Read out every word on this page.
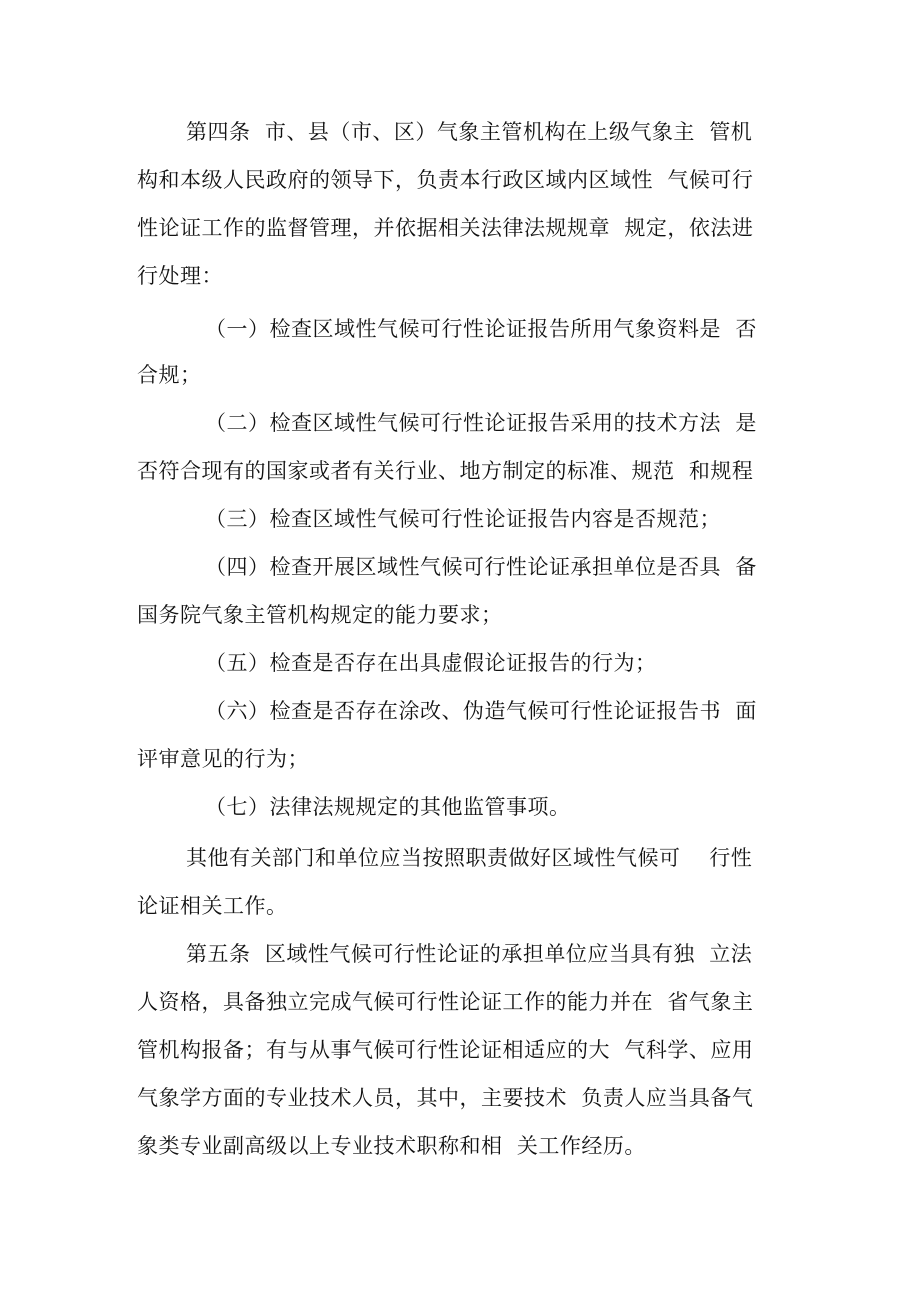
第四条  市、县（市、区）气象主管机构在上级气象主  管机
构和本级人民政府的领导下，负责本行政区域内区域性  气候可行
性论证工作的监督管理，并依据相关法律法规规章  规定，依法进
行处理：
（一）检查区域性气候可行性论证报告所用气象资料是  否
合规；
（二）检查区域性气候可行性论证报告采用的技术方法  是
否符合现有的国家或者有关行业、地方制定的标准、规范  和规程
（三）检查区域性气候可行性论证报告内容是否规范；
（四）检查开展区域性气候可行性论证承担单位是否具  备
国务院气象主管机构规定的能力要求；
（五）检查是否存在出具虚假论证报告的行为；
（六）检查是否存在涂改、伪造气候可行性论证报告书  面
评审意见的行为；
（七）法律法规规定的其他监管事项。
其他有关部门和单位应当按照职责做好区域性气候可    行性
论证相关工作。
第五条  区域性气候可行性论证的承担单位应当具有独  立法
人资格，具备独立完成气候可行性论证工作的能力并在  省气象主
管机构报备；有与从事气候可行性论证相适应的大  气科学、应用
气象学方面的专业技术人员，其中，主要技术  负责人应当具备气
象类专业副高级以上专业技术职称和相  关工作经历。
